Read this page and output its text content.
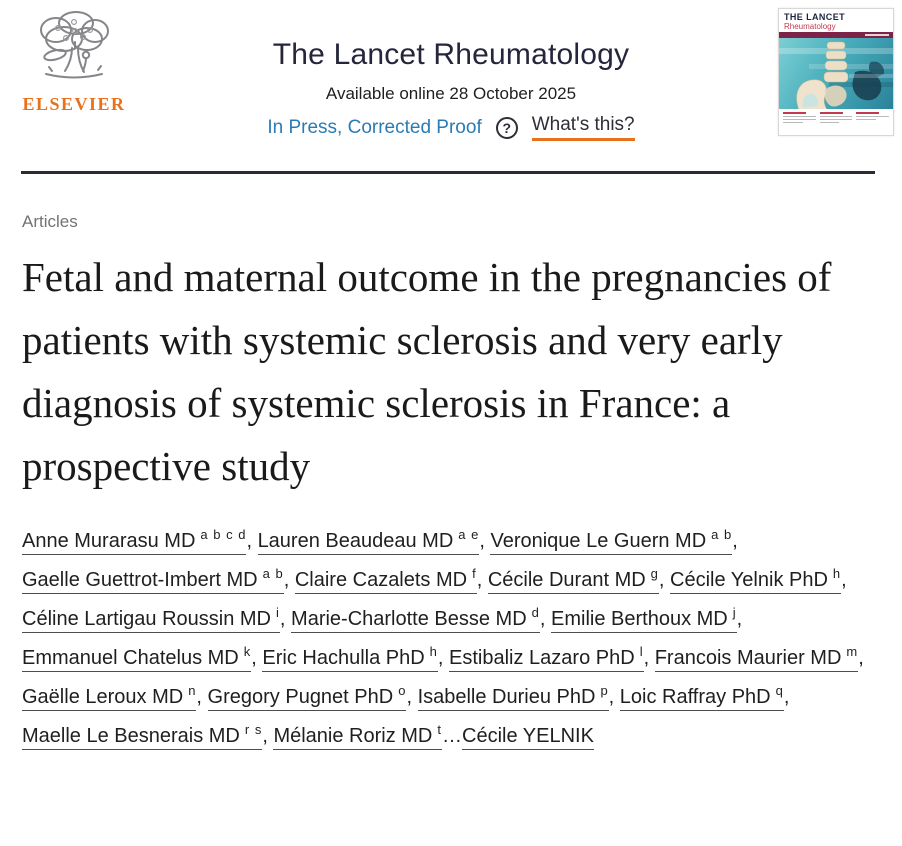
ELSEVIER
The Lancet Rheumatology
Available online 28 October 2025
In Press, Corrected Proof	?	What's this?
THE LANCET
Rheumatology
Articles
Fetal and maternal outcome in the pregnancies of patients with systemic sclerosis and very early diagnosis of systemic sclerosis in France: a prospective study
Anne Murarasu MD $^{a b c d}$, Lauren Beaudeau MD $^{a e}$, Veronique Le Guern MD $^{a b}$, Gaelle Guettrot-Imbert MD $^{a b}$, Claire Cazalets MD $^f$, Cécile Durant MD $^g$, Cécile Yelnik PhD $^h$, Céline Lartigau Roussin MD $^i$, Marie-Charlotte Besse MD $^d$, Emilie Berthoux MD $^j$, Emmanuel Chatelus MD $^k$, Eric Hachulla PhD $^h$, Estibaliz Lazaro PhD $^l$, Francois Maurier MD $^m$, Gaëlle Leroux MD $^n$, Gregory Pugnet PhD $^o$, Isabelle Durieu PhD $^p$, Loic Raffray PhD $^q$, Maelle Le Besnerais MD $^{r s}$, Mélanie Roriz MD $^t$…Cécile YELNIK
